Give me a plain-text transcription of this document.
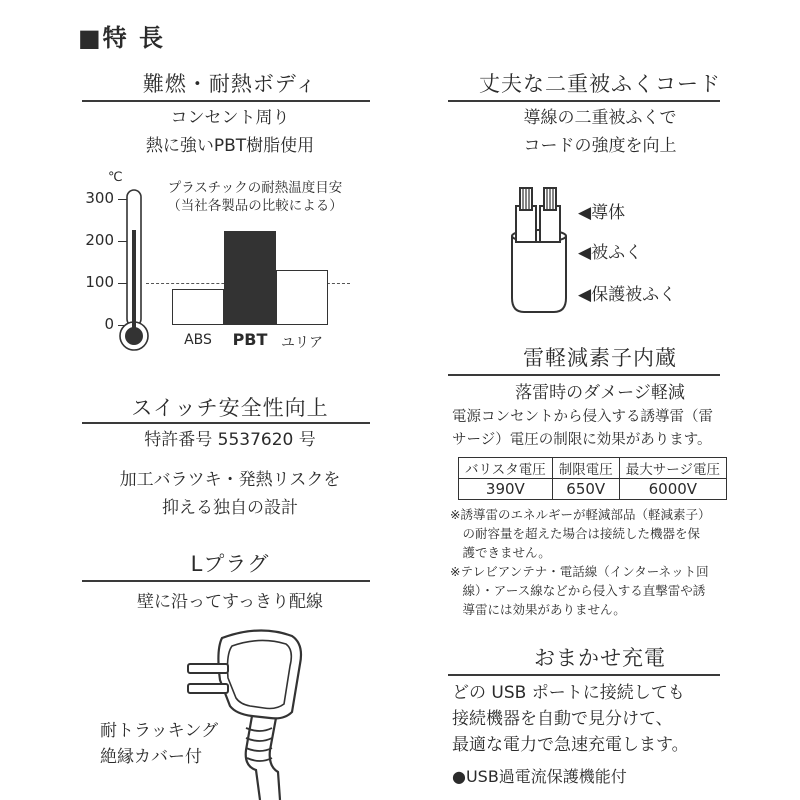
■特 長
難燃・耐熱ボディ
コンセント周り
熱に強いPBT樹脂使用
℃
プラスチックの耐熱温度目安
（当社各製品の比較による）
0
100
200
300
ABS	PBT ユリア
スイッチ安全性向上
特許番号 5537620 号
加工バラツキ・発熱リスクを
抑える独自の設計
Lプラグ
壁に沿ってすっきり配線
耐トラッキング
絶縁カバー付
丈夫な二重被ふくコード
導線の二重被ふくで
コードの強度を向上
◀導体
◀被ふく
◀保護被ふく
雷軽減素子内蔵
落雷時のダメージ軽減
電源コンセントから侵入する誘導雷（雷
サージ）電圧の制限に効果があります。
バリスタ電圧	制限電圧	最大サージ電圧
390V	650V	6000V
※誘導雷のエネルギーが軽減部品（軽減素子）
　の耐容量を超えた場合は接続した機器を保
　護できません。
※テレビアンテナ・電話線（インターネット回
　線）・アース線などから侵入する直撃雷や誘
　導雷には効果がありません。
おまかせ充電
どの USB ポートに接続しても
接続機器を自動で見分けて、
最適な電力で急速充電します。
●USB過電流保護機能付
